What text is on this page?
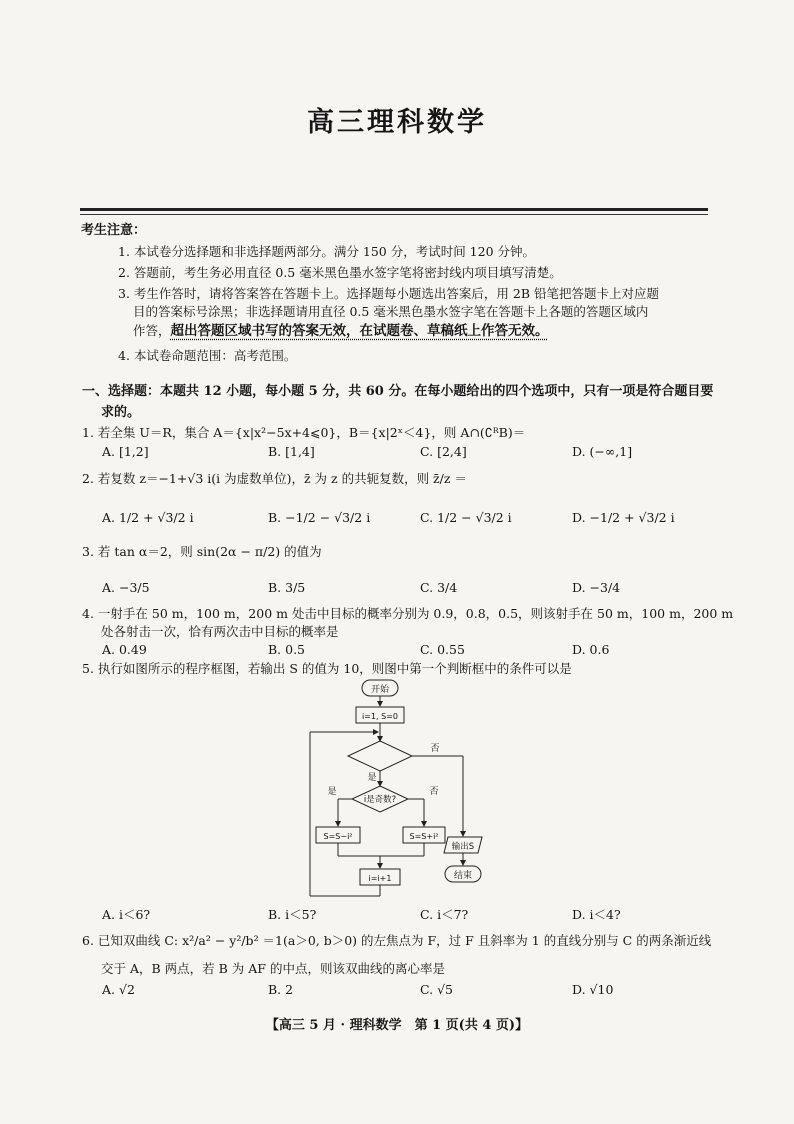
高三理科数学
考生注意：
1. 本试卷分选择题和非选择题两部分。满分 150 分，考试时间 120 分钟。
2. 答题前，考生务必用直径 0.5 毫米黑色墨水签字笔将密封线内项目填写清楚。
3. 考生作答时，请将答案答在答题卡上。选择题每小题选出答案后，用 2B 铅笔把答题卡上对应题
目的答案标号涂黑；非选择题请用直径 0.5 毫米黑色墨水签字笔在答题卡上各题的答题区域内
作答，超出答题区域书写的答案无效，在试题卷、草稿纸上作答无效。
4. 本试卷命题范围：高考范围。
一、选择题：本题共 12 小题，每小题 5 分，共 60 分。在每小题给出的四个选项中，只有一项是符合题目要
求的。
1. 若全集 U＝R，集合 A＝{x|x²−5x+4⩽0}，B＝{x|2ˣ＜4}，则 A∩(∁ᴿB)＝
A. [1,2]	B. [1,4]	C. [2,4]	D. (−∞,1]
2. 若复数 z＝−1+√3 i(i 为虚数单位)，z̄ 为 z 的共轭复数，则 z̄/z ＝
A. 1/2 + √3/2 i	B. −1/2 − √3/2 i	C. 1/2 − √3/2 i	D. −1/2 + √3/2 i
3. 若 tan α＝2，则 sin(2α − π/2) 的值为
A. −3/5	B. 3/5	C. 3/4	D. −3/4
4. 一射手在 50 m，100 m，200 m 处击中目标的概率分别为 0.9，0.8，0.5，则该射手在 50 m，100 m，200 m
处各射击一次，恰有两次击中目标的概率是
A. 0.49	B. 0.5	C. 0.55	D. 0.6
5. 执行如图所示的程序框图，若输出 S 的值为 10，则图中第一个判断框中的条件可以是
开始
i=1, S=0
否
是
i是奇数?
是	否
S=S−i²	S=S+i²
输出S
i=i+1	结束
A. i＜6?	B. i＜5?	C. i＜7?	D. i＜4?
6. 已知双曲线 C: x²/a² − y²/b² ＝1(a＞0, b＞0) 的左焦点为 F，过 F 且斜率为 1 的直线分别与 C 的两条渐近线
交于 A，B 两点，若 B 为 AF 的中点，则该双曲线的离心率是
A. √2	B. 2	C. √5	D. √10
【高三 5 月 · 理科数学　第 1 页(共 4 页)】
